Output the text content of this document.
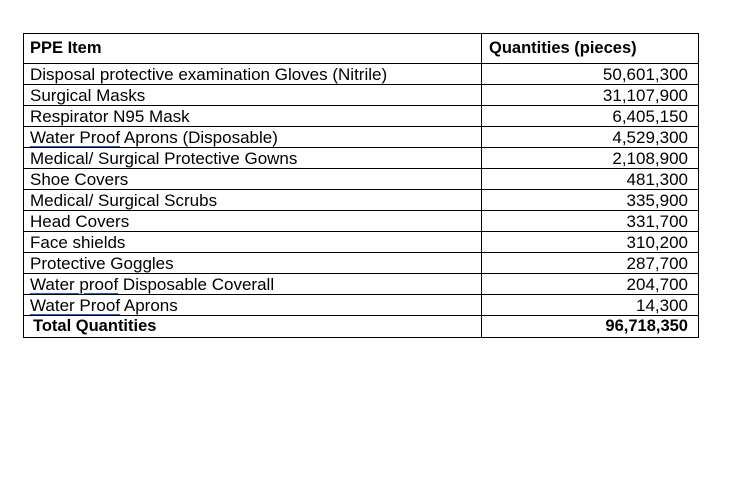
PPE Item	Quantities (pieces)
Disposal protective examination Gloves (Nitrile)	50,601,300
Surgical Masks	31,107,900
Respirator N95 Mask	6,405,150
Water Proof Aprons (Disposable)	4,529,300
Medical/ Surgical Protective Gowns	2,108,900
Shoe Covers	481,300
Medical/ Surgical Scrubs	335,900
Head Covers	331,700
Face shields	310,200
Protective Goggles	287,700
Water proof Disposable Coverall	204,700
Water Proof Aprons	14,300
Total Quantities	96,718,350
